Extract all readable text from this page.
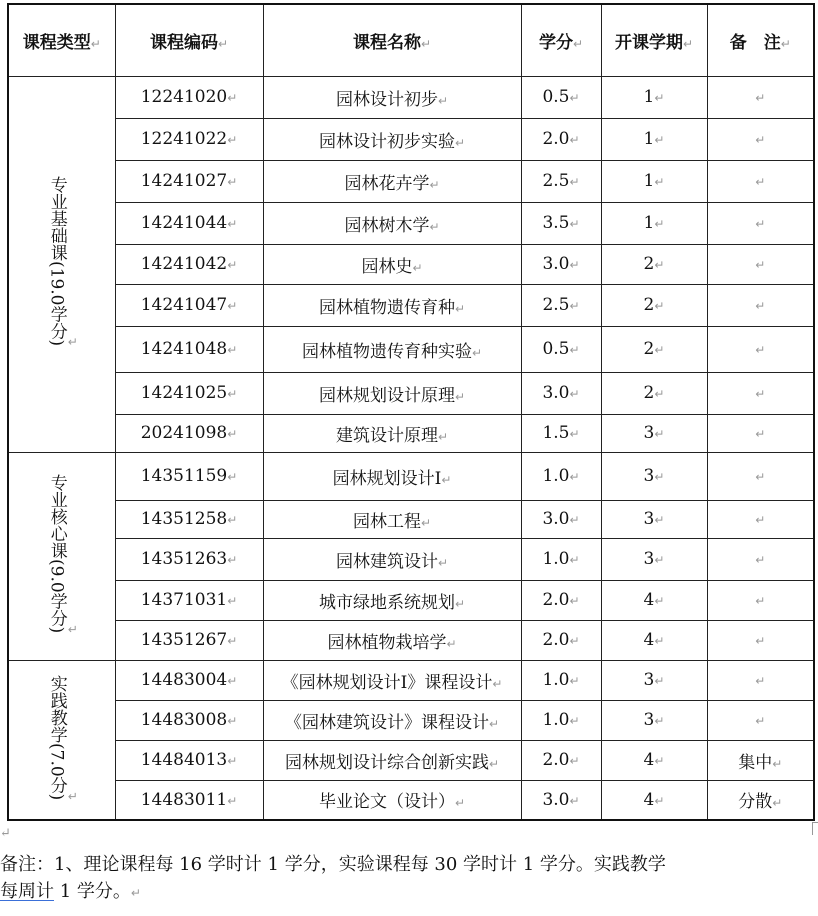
课程类型↵	课程编码↵	课程名称↵	学分↵	开课学期↵	备　注↵
专业基础课(19.0学分)↵	12241020↵	园林设计初步↵	0.5↵	1↵	↵
	12241022↵	园林设计初步实验↵	2.0↵	1↵	↵
	14241027↵	园林花卉学↵	2.5↵	1↵	↵
	14241044↵	园林树木学↵	3.5↵	1↵	↵
	14241042↵	园林史↵	3.0↵	2↵	↵
	14241047↵	园林植物遗传育种↵	2.5↵	2↵	↵
	14241048↵	园林植物遗传育种实验↵	0.5↵	2↵	↵
	14241025↵	园林规划设计原理↵	3.0↵	2↵	↵
	20241098↵	建筑设计原理↵	1.5↵	3↵	↵
专业核心课(9.0学分)↵	14351159↵	园林规划设计Ⅰ↵	1.0↵	3↵	↵
	14351258↵	园林工程↵	3.0↵	3↵	↵
	14351263↵	园林建筑设计↵	1.0↵	3↵	↵
	14371031↵	城市绿地系统规划↵	2.0↵	4↵	↵
	14351267↵	园林植物栽培学↵	2.0↵	4↵	↵
实践教学(7.0分)↵	14483004↵	《园林规划设计Ⅰ》课程设计↵	1.0↵	3↵	↵
	14483008↵	《园林建筑设计》课程设计↵	1.0↵	3↵	↵
	14484013↵	园林规划设计综合创新实践↵	2.0↵	4↵	集中↵
	14483011↵	毕业论文（设计）↵	3.0↵	4↵	分散↵
↵
备注：1、理论课程每 16 学时计 1 学分，实验课程每 30 学时计 1 学分。实践教学
每周计 1 学分。↵
